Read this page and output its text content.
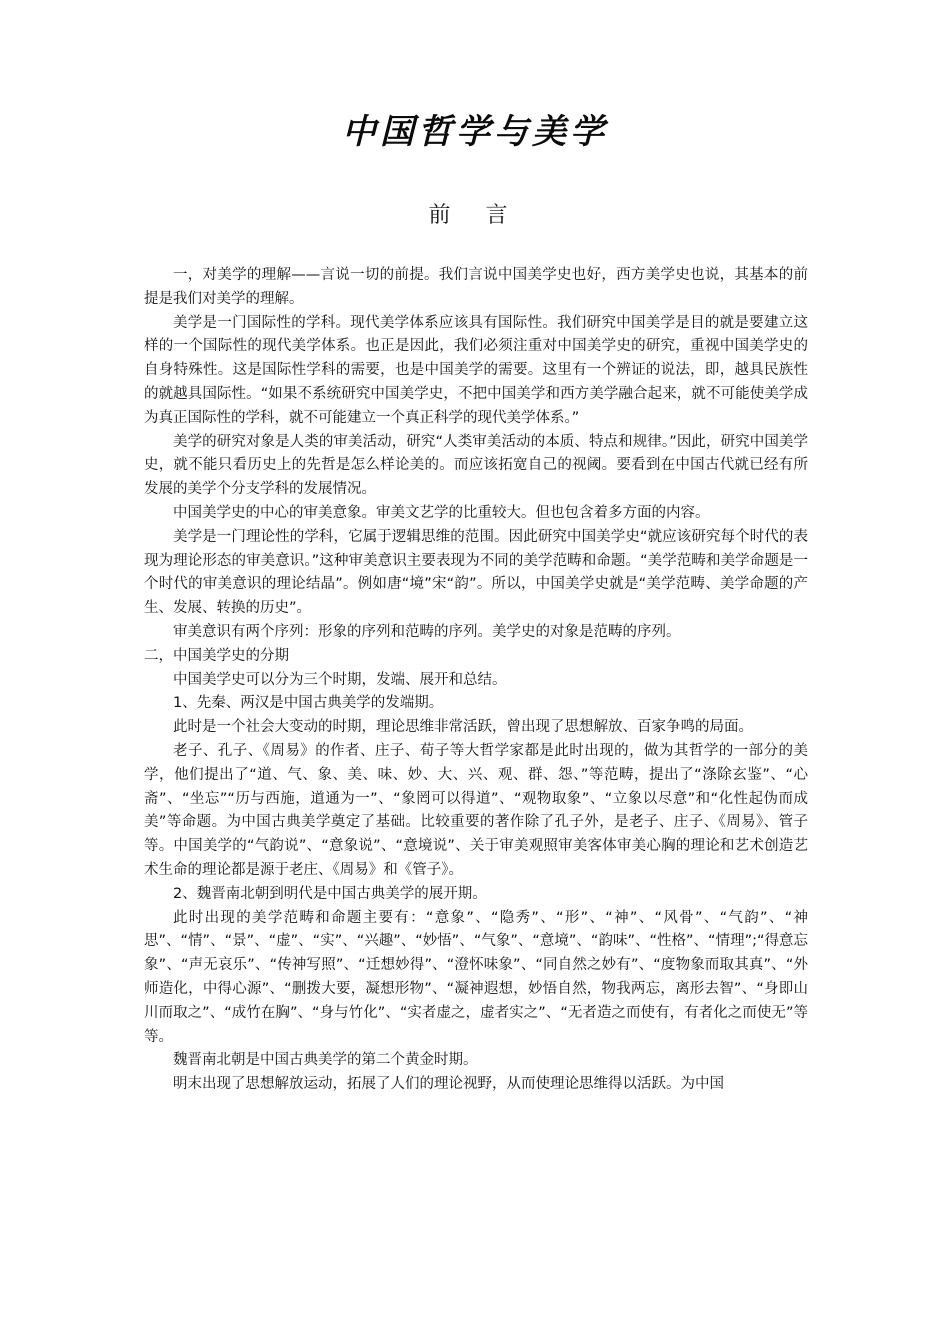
中国哲学与美学
前 言

一，对美学的理解——言说一切的前提。我们言说中国美学史也好，西方美学史也说，其基本的前提是我们对美学的理解。

美学是一门国际性的学科。现代美学体系应该具有国际性。我们研究中国美学是目的就是要建立这样的一个国际性的现代美学体系。也正是因此，我们必须注重对中国美学史的研究，重视中国美学史的自身特殊性。这是国际性学科的需要，也是中国美学的需要。这里有一个辨证的说法，即，越具民族性的就越具国际性。“如果不系统研究中国美学史，不把中国美学和西方美学融合起来，就不可能使美学成为真正国际性的学科，就不可能建立一个真正科学的现代美学体系。”

美学的研究对象是人类的审美活动，研究“人类审美活动的本质、特点和规律。”因此，研究中国美学史，就不能只看历史上的先哲是怎么样论美的。而应该拓宽自己的视阈。要看到在中国古代就已经有所发展的美学个分支学科的发展情况。

中国美学史的中心的审美意象。审美文艺学的比重较大。但也包含着多方面的内容。

美学是一门理论性的学科，它属于逻辑思维的范围。因此研究中国美学史“就应该研究每个时代的表现为理论形态的审美意识。”这种审美意识主要表现为不同的美学范畴和命题。“美学范畴和美学命题是一个时代的审美意识的理论结晶”。例如唐“境”宋“韵”。所以，中国美学史就是“美学范畴、美学命题的产生、发展、转换的历史”。

审美意识有两个序列：形象的序列和范畴的序列。美学史的对象是范畴的序列。

二，中国美学史的分期

中国美学史可以分为三个时期，发端、展开和总结。

1、先秦、两汉是中国古典美学的发端期。

此时是一个社会大变动的时期，理论思维非常活跃，曾出现了思想解放、百家争鸣的局面。

老子、孔子、《周易》的作者、庄子、荀子等大哲学家都是此时出现的，做为其哲学的一部分的美学，他们提出了“道、气、象、美、味、妙、大、兴、观、群、怨、”等范畴，提出了“涤除玄鉴”、“心斋”、“坐忘”“历与西施，道通为一”、“象罔可以得道”、“观物取象”、“立象以尽意”和“化性起伪而成美”等命题。为中国古典美学奠定了基础。比较重要的著作除了孔子外，是老子、庄子、《周易》、管子等。中国美学的“气韵说”、“意象说”、“意境说”、关于审美观照审美客体审美心胸的理论和艺术创造艺术生命的理论都是源于老庄、《周易》和《管子》。

2、魏晋南北朝到明代是中国古典美学的展开期。

此时出现的美学范畴和命题主要有：“意象”、“隐秀”、“形”、“神”、“风骨”、“气韵”、“神思”、“情”、“景”、“虚”、“实”、“兴趣”、“妙悟”、“气象”、“意境”、“韵味”、“性格”、“情理”;“得意忘象”、“声无哀乐”、“传神写照”、“迁想妙得”、“澄怀味象”、“同自然之妙有”、“度物象而取其真”、“外师造化，中得心源”、“删拨大要，凝想形物”、“凝神遐想，妙悟自然，物我两忘，离形去智”、“身即山川而取之”、“成竹在胸”、“身与竹化”、“实者虚之，虚者实之”、“无者造之而使有，有者化之而使无”等等。

魏晋南北朝是中国古典美学的第二个黄金时期。

明末出现了思想解放运动，拓展了人们的理论视野，从而使理论思维得以活跃。为中国
